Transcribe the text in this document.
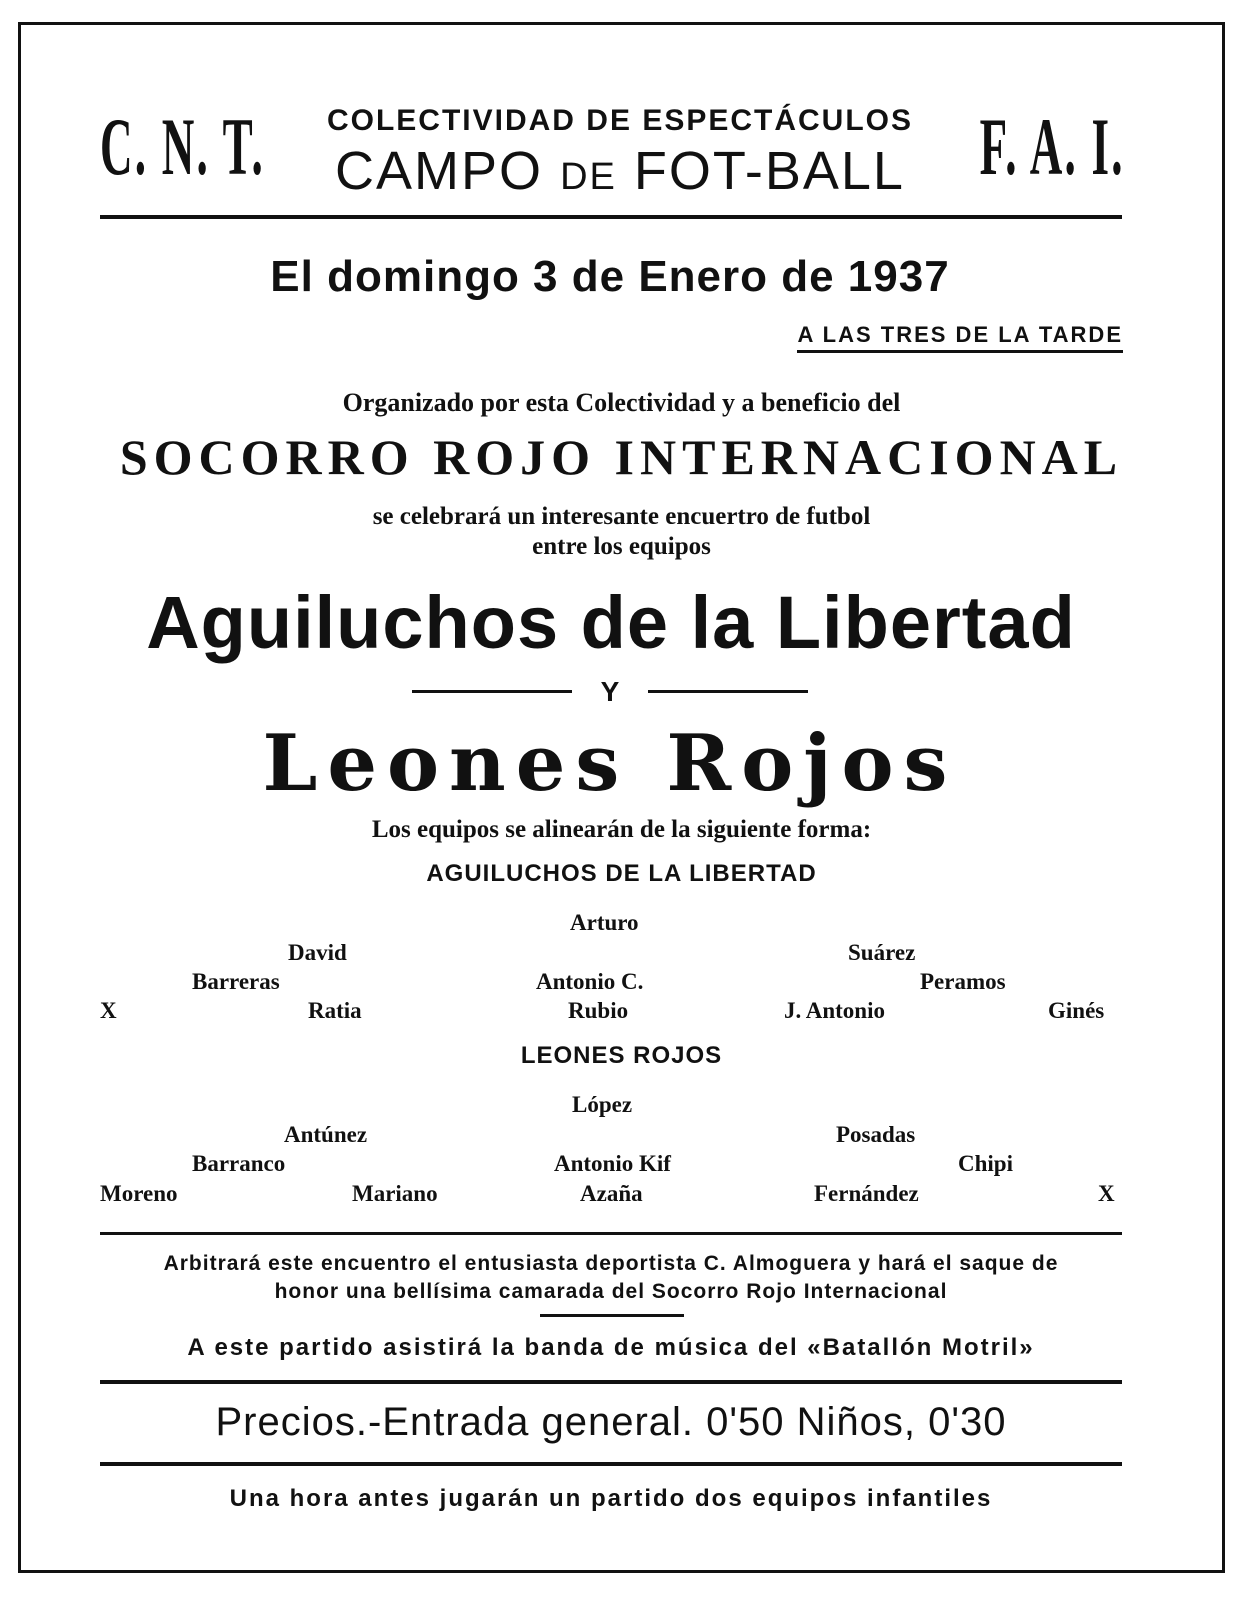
C. N. T.	F. A. I.
COLECTIVIDAD DE ESPECTÁCULOS
CAMPO DE FOT-BALL
El domingo 3 de Enero de 1937
A LAS TRES DE LA TARDE
Organizado por esta Colectividad y a beneficio del
SOCORRO ROJO INTERNACIONAL
se celebrará un interesante encuertro de futbol
entre los equipos
Aguiluchos de la Libertad
Y
Leones Rojos
Los equipos se alinearán de la siguiente forma:
AGUILUCHOS DE LA LIBERTAD
Arturo
David	Suárez
Barreras	Antonio C.	Peramos
X	Ratia	Rubio	J. Antonio	Ginés
LEONES ROJOS
López
Antúnez	Posadas
Barranco	Antonio Kif	Chipi
Moreno	Mariano	Azaña	Fernández	X
Arbitrará este encuentro el entusiasta deportista C. Almoguera y hará el saque de
honor una bellísima camarada del Socorro Rojo Internacional
A este partido asistirá la banda de música del «Batallón Motril»
Precios.-Entrada general. 0'50 Niños, 0'30
Una hora antes jugarán un partido dos equipos infantiles
